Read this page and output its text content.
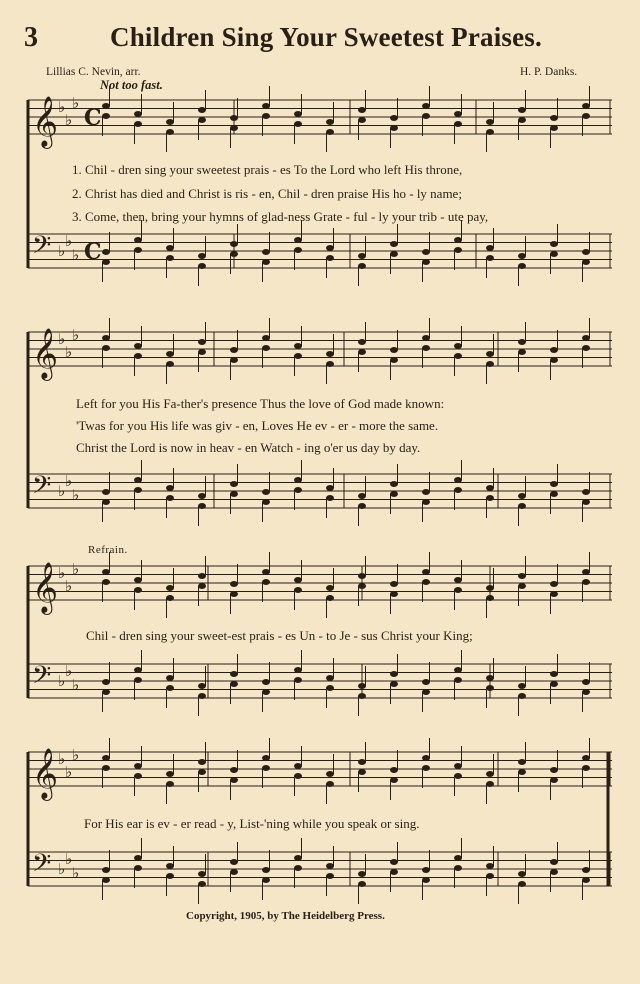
3	Children Sing Your Sweetest Praises.
Lillias C. Nevin, arr.
Not too fast.
H. P. Danks.
𝄞 ♭
♭
♭
𝄢 ♭
♭
♭
𝄞 ♭
♭
♭
𝄢 ♭
♭
♭
𝄞 ♭
♭
♭
𝄢 ♭
♭
♭
𝄞 ♭
♭
♭
𝄢 ♭
♭
♭
C
C
1. Chil - dren sing your sweetest prais - es To the Lord who left His throne,
2. Christ has died and Christ is ris - en, Chil - dren praise His ho - ly name;
3. Come, then, bring your hymns of glad-ness Grate - ful - ly your trib - ute pay,
Left for you His Fa-ther's presence Thus the love of God made known:
'Twas for you His life was giv - en, Loves He ev - er - more the same.
Christ the Lord is now in heav - en Watch - ing o'er us day by day.
Refrain.
Chil - dren sing your sweet-est prais - es Un - to Je - sus Christ your King;
For His ear is ev - er read - y, List-'ning while you speak or sing.
Copyright, 1905, by The Heidelberg Press.
